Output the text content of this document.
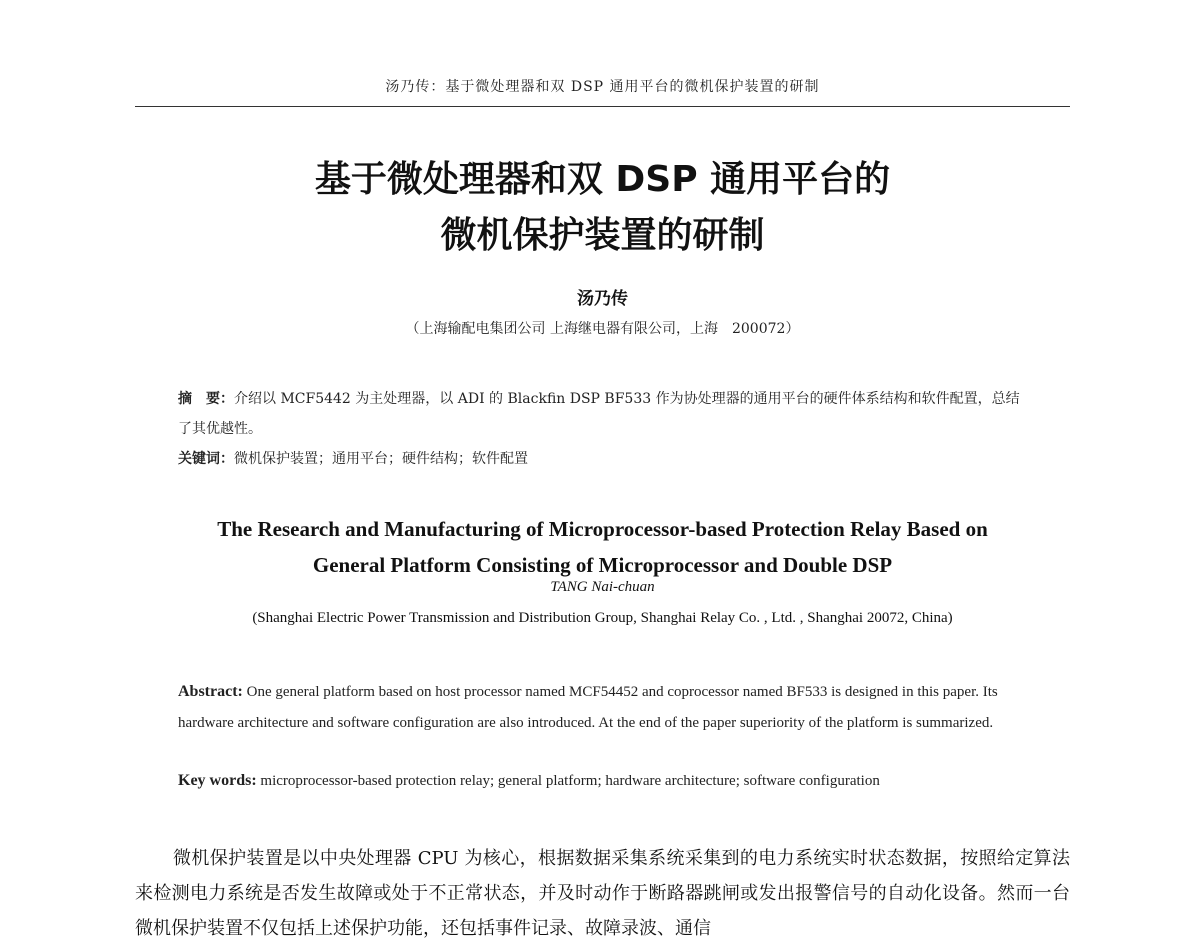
汤乃传：基于微处理器和双 DSP 通用平台的微机保护装置的研制
基于微处理器和双 DSP 通用平台的
微机保护装置的研制
汤乃传
（上海输配电集团公司 上海继电器有限公司，上海　200072）
摘　要：介绍以 MCF5442 为主处理器，以 ADI 的 Blackfin DSP BF533 作为协处理器的通用平台的硬件体系结构和软件配置，总结了其优越性。
关键词：微机保护装置；通用平台；硬件结构；软件配置
The Research and Manufacturing of Microprocessor-based Protection Relay Based on
General Platform Consisting of Microprocessor and Double DSP
TANG Nai-chuan
(Shanghai Electric Power Transmission and Distribution Group, Shanghai Relay Co. , Ltd. , Shanghai 20072, China)
Abstract: One general platform based on host processor named MCF54452 and coprocessor named BF533 is designed in this paper. Its hardware architecture and software configuration are also introduced. At the end of the paper superiority of the platform is summarized.
Key words: microprocessor-based protection relay; general platform; hardware architecture; software configuration
微机保护装置是以中央处理器 CPU 为核心，根据数据采集系统采集到的电力系统实时状态数据，按照给定算法来检测电力系统是否发生故障或处于不正常状态，并及时动作于断路器跳闸或发出报警信号的自动化设备。然而一台微机保护装置不仅包括上述保护功能，还包括事件记录、故障录波、通信
